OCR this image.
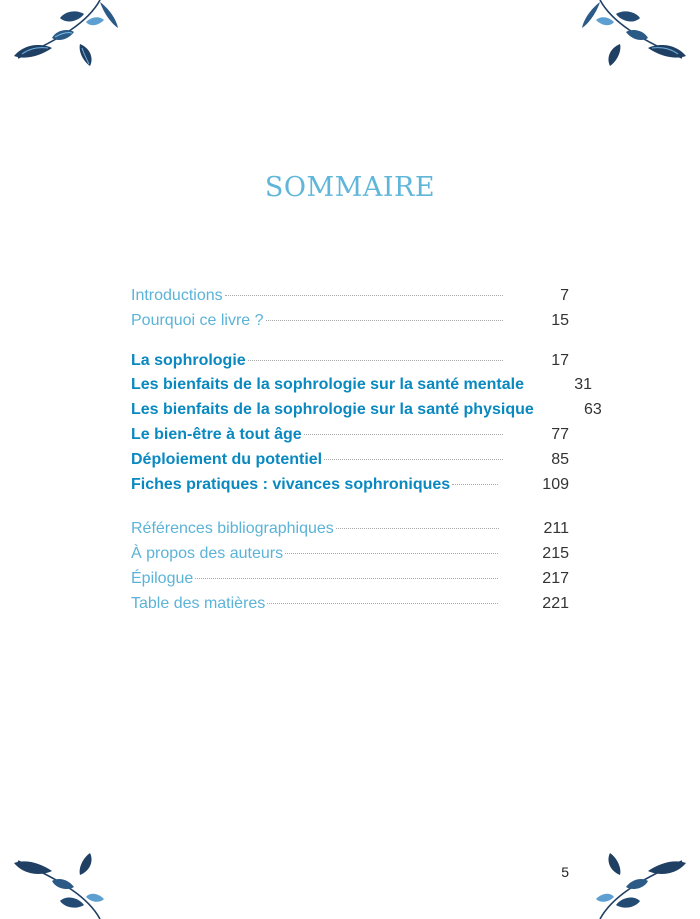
SOMMAIRE
Introductions	7
Pourquoi ce livre ?	15
La sophrologie	17
Les bienfaits de la sophrologie sur la santé mentale	31
Les bienfaits de la sophrologie sur la santé physique	63
Le bien-être à tout âge	77
Déploiement du potentiel	85
Fiches pratiques : vivances sophroniques	109
Références bibliographiques	211
À propos des auteurs	215
Épilogue	217
Table des matières	221
5
